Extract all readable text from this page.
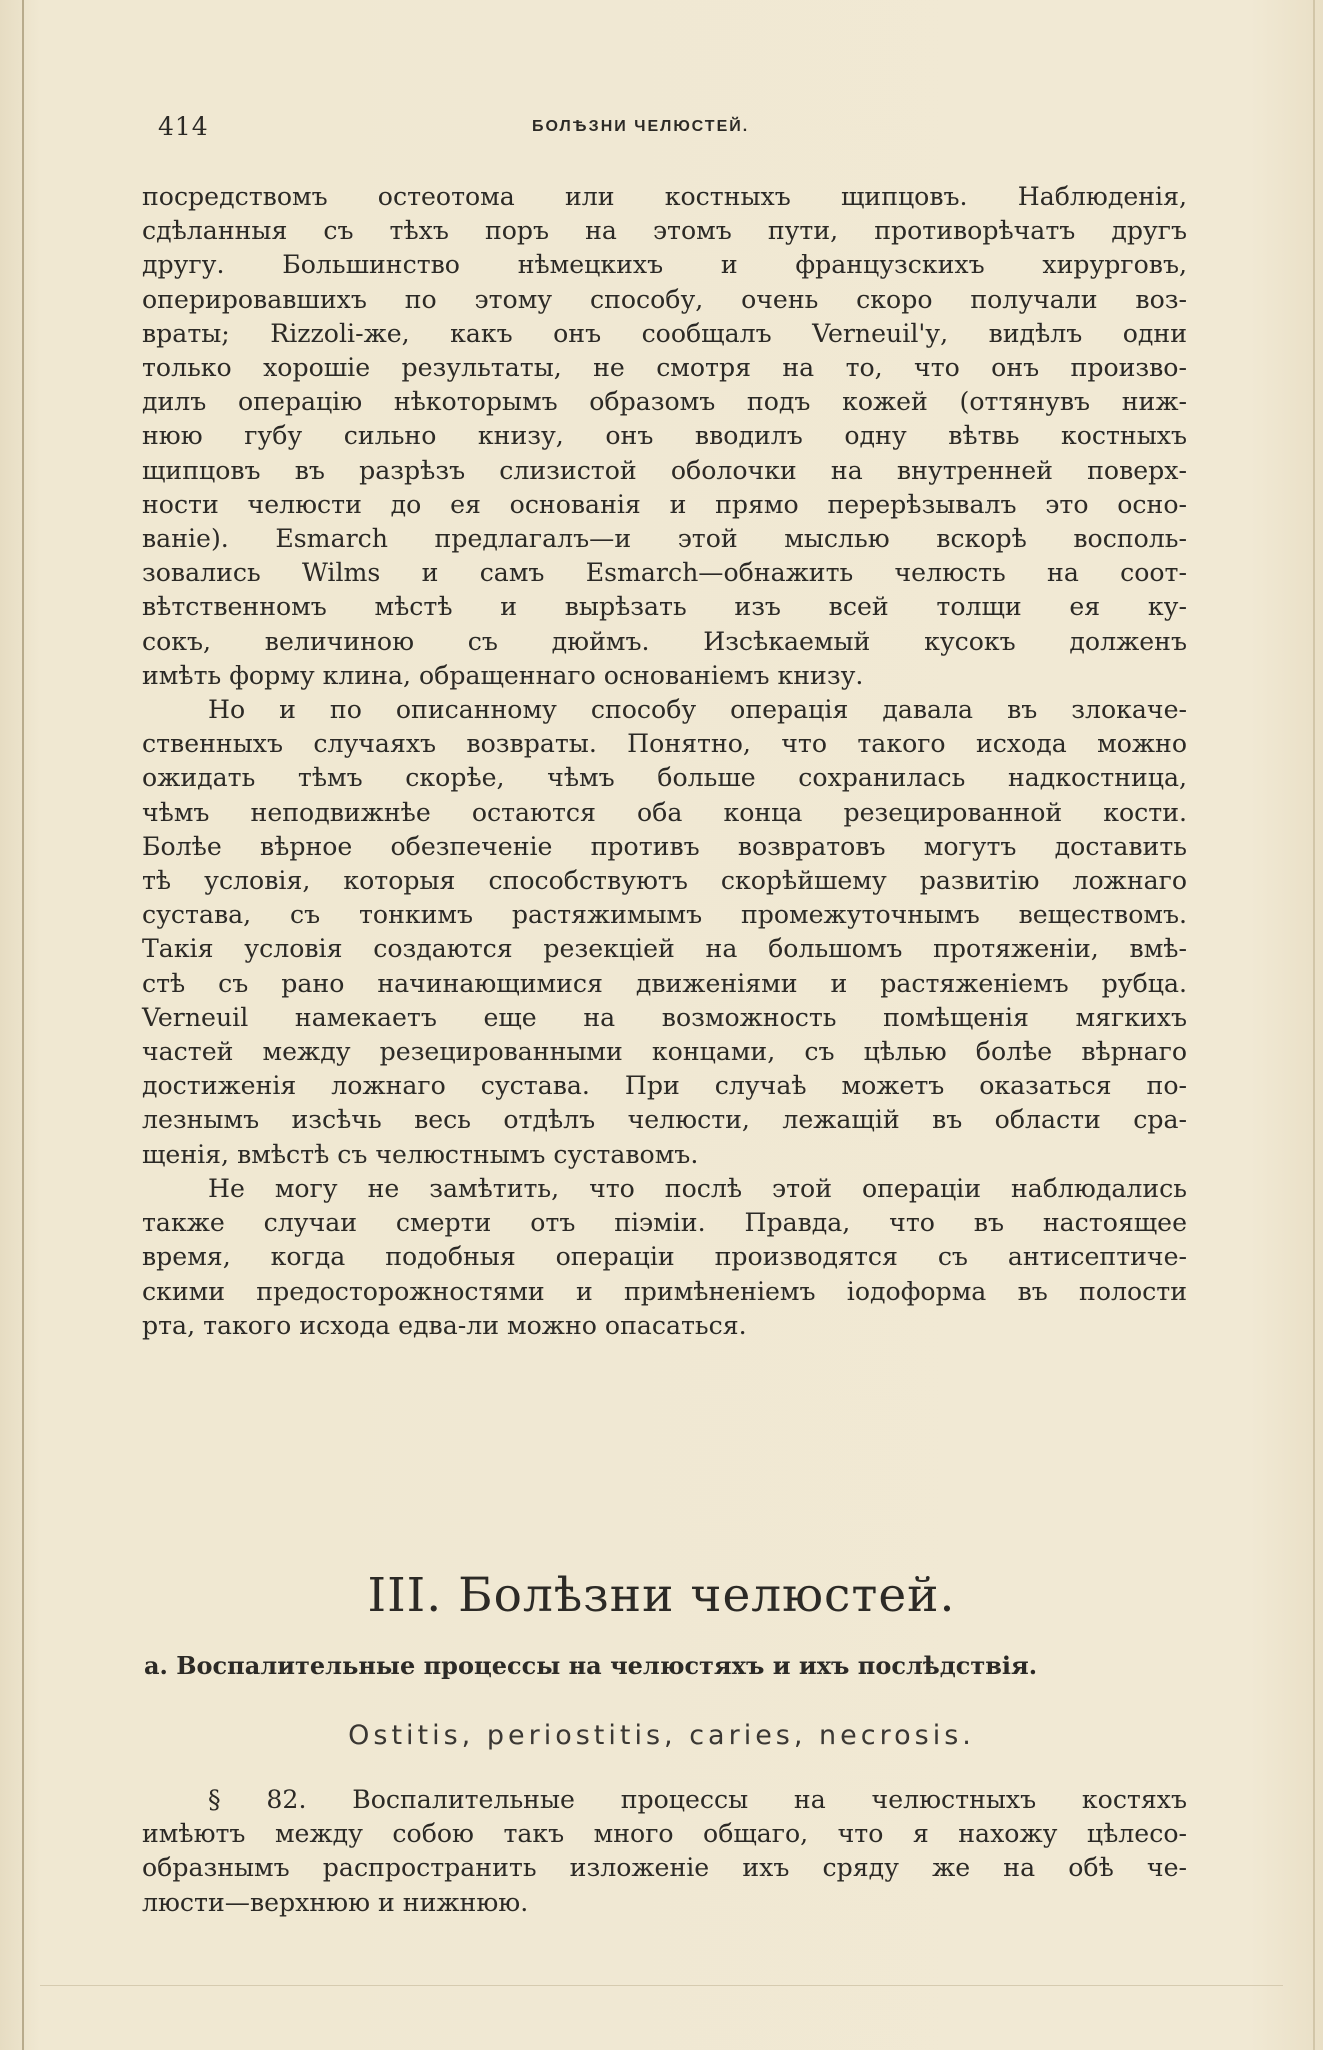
414	БОЛѢЗНИ ЧЕЛЮСТЕЙ.

посредствомъ остеотома или костныхъ щипцовъ. Наблюденія,

сдѣланныя съ тѣхъ поръ на этомъ пути, противорѣчатъ другъ

другу. Большинство нѣмецкихъ и французскихъ хирурговъ,

оперировавшихъ по этому способу, очень скоро получали воз-

враты; Rizzoli-же, какъ онъ сообщалъ Verneuil'у, видѣлъ одни

только хорошіе результаты, не смотря на то, что онъ произво-

дилъ операцію нѣкоторымъ образомъ подъ кожей (оттянувъ ниж-

нюю губу сильно книзу, онъ вводилъ одну вѣтвь костныхъ

щипцовъ въ разрѣзъ слизистой оболочки на внутренней поверх-

ности челюсти до ея основанія и прямо перерѣзывалъ это осно-

ваніе). Esmarch предлагалъ—и этой мыслью вскорѣ восполь-

зовались Wilms и самъ Esmarch—обнажить челюсть на соот-

вѣтственномъ мѣстѣ и вырѣзать изъ всей толщи ея ку-

сокъ, величиною съ дюймъ. Изсѣкаемый кусокъ долженъ

имѣть форму клина, обращеннаго основаніемъ книзу.

Но и по описанному способу операція давала въ злокаче-

ственныхъ случаяхъ возвраты. Понятно, что такого исхода можно

ожидать тѣмъ скорѣе, чѣмъ больше сохранилась надкостница,

чѣмъ неподвижнѣе остаются оба конца резецированной кости.

Болѣе вѣрное обезпеченіе противъ возвратовъ могутъ доставить

тѣ условія, которыя способствуютъ скорѣйшему развитію ложнаго

сустава, съ тонкимъ растяжимымъ промежуточнымъ веществомъ.

Такія условія создаются резекціей на большомъ протяженіи, вмѣ-

стѣ съ рано начинающимися движеніями и растяженіемъ рубца.

Verneuil намекаетъ еще на возможность помѣщенія мягкихъ

частей между резецированными концами, съ цѣлью болѣе вѣрнаго

достиженія ложнаго сустава. При случаѣ можетъ оказаться по-

лезнымъ изсѣчь весь отдѣлъ челюсти, лежащій въ области сра-

щенія, вмѣстѣ съ челюстнымъ суставомъ.

Не могу не замѣтить, что послѣ этой операціи наблюдались

также случаи смерти отъ піэміи. Правда, что въ настоящее

время, когда подобныя операціи производятся съ антисептиче-

скими предосторожностями и примѣненіемъ іодоформа въ полости

рта, такого исхода едва-ли можно опасаться.

III. Болѣзни челюстей.
а. Воспалительные процессы на челюстяхъ и ихъ послѣдствія.
Ostitis, periostitis, caries, necrosis.

§ 82. Воспалительные процессы на челюстныхъ костяхъ

имѣютъ между собою такъ много общаго, что я нахожу цѣлесо-

образнымъ распространить изложеніе ихъ сряду же на обѣ че-

люсти—верхнюю и нижнюю.
